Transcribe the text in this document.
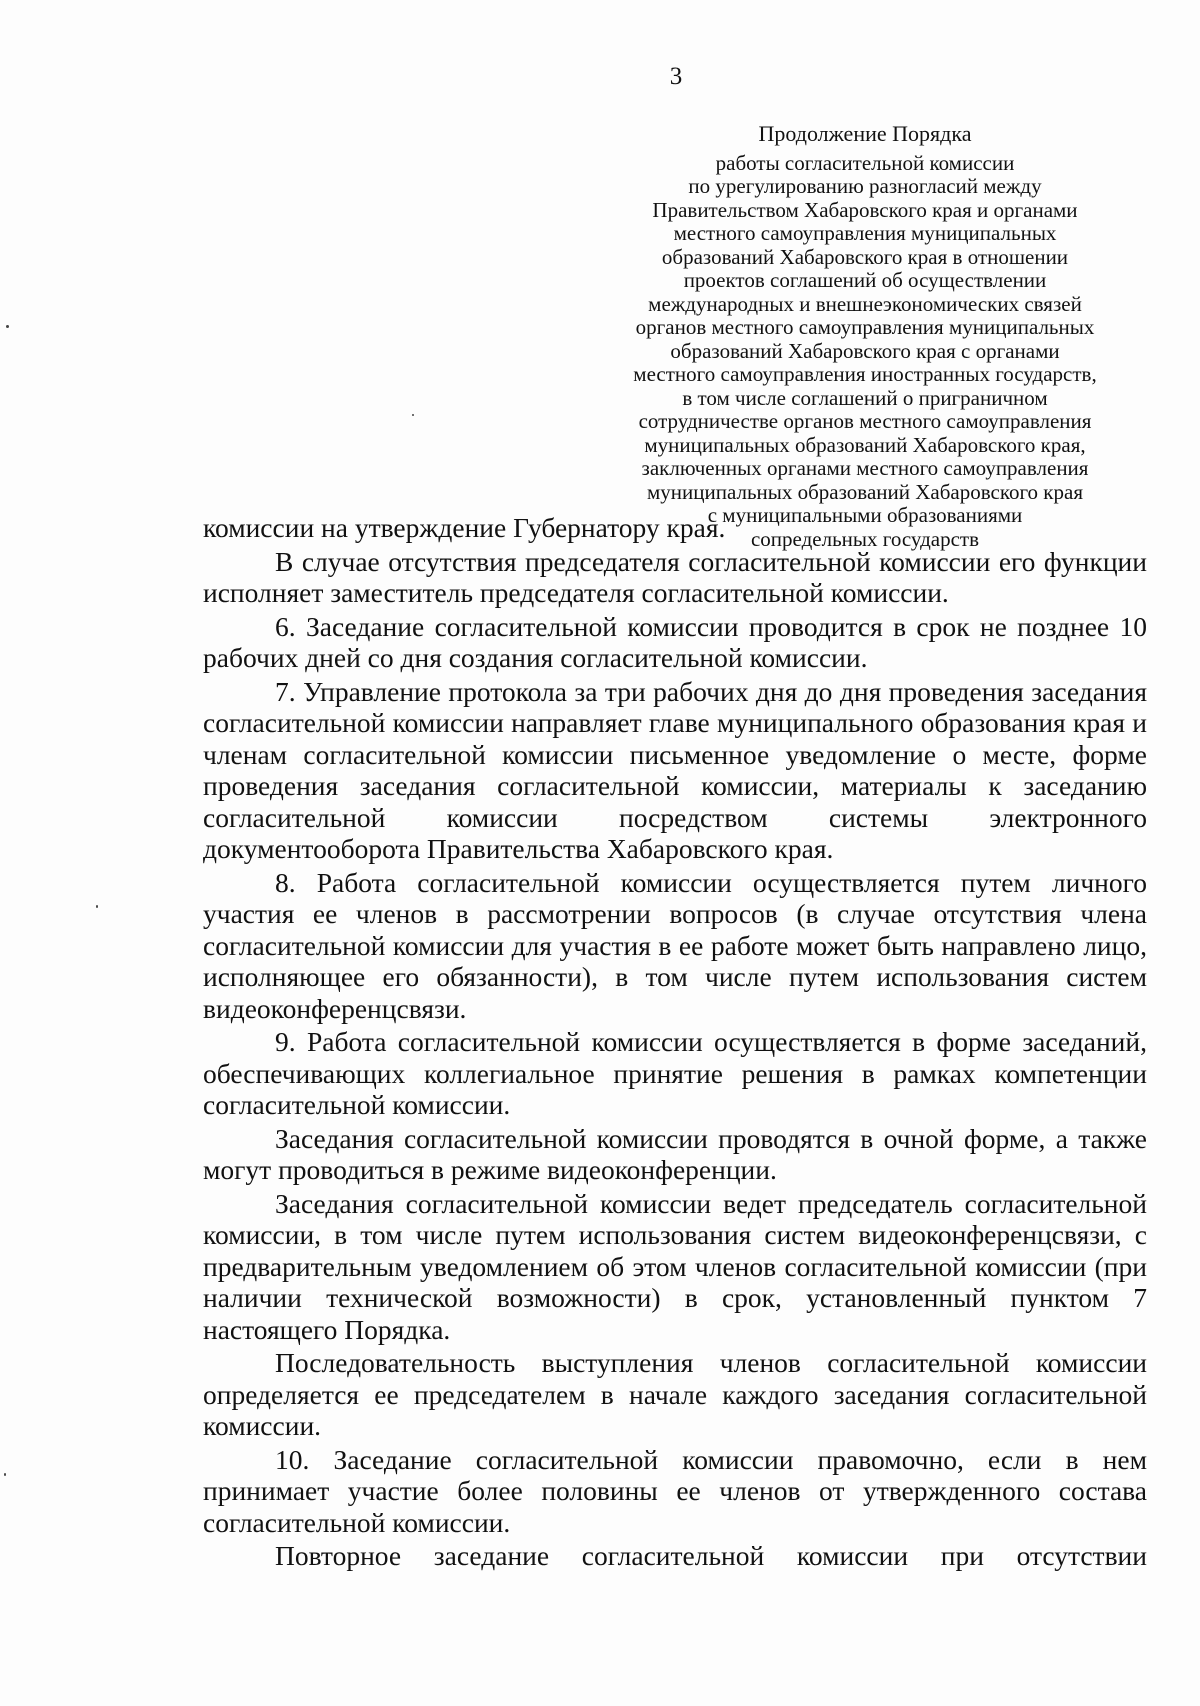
3
Продолжение Порядка
работы согласительной комиссии
по урегулированию разногласий между
Правительством Хабаровского края и органами
местного самоуправления муниципальных
образований Хабаровского края в отношении
проектов соглашений об осуществлении
международных и внешнеэкономических связей
органов местного самоуправления муниципальных
образований Хабаровского края с органами
местного самоуправления иностранных государств,
в том числе соглашений о приграничном
сотрудничестве органов местного самоуправления
муниципальных образований Хабаровского края,
заключенных органами местного самоуправления
муниципальных образований Хабаровского края
с муниципальными образованиями
сопредельных государств

комиссии на утверждение Губернатору края.

В случае отсутствия председателя согласительной комиссии его функции исполняет заместитель председателя согласительной комиссии.

6. Заседание согласительной комиссии проводится в срок не позднее 10 рабочих дней со дня создания согласительной комиссии.

7. Управление протокола за три рабочих дня до дня проведения заседания согласительной комиссии направляет главе муниципального образования края и членам согласительной комиссии письменное уведомление о месте, форме проведения заседания согласительной комиссии, материалы к заседанию согласительной комиссии посредством системы электронного документооборота Правительства Хабаровского края.

8. Работа согласительной комиссии осуществляется путем личного участия ее членов в рассмотрении вопросов (в случае отсутствия члена согласительной комиссии для участия в ее работе может быть направлено лицо, исполняющее его обязанности), в том числе путем использования систем видеоконференцсвязи.

9. Работа согласительной комиссии осуществляется в форме заседаний, обеспечивающих коллегиальное принятие решения в рамках компетенции согласительной комиссии.

Заседания согласительной комиссии проводятся в очной форме, а также могут проводиться в режиме видеоконференции.

Заседания согласительной комиссии ведет председатель согласительной комиссии, в том числе путем использования систем видеоконференцсвязи, с предварительным уведомлением об этом членов согласительной комиссии (при наличии технической возможности) в срок, установленный пунктом 7 настоящего Порядка.

Последовательность выступления членов согласительной комиссии определяется ее председателем в начале каждого заседания согласительной комиссии.

10. Заседание согласительной комиссии правомочно, если в нем принимает участие более половины ее членов от утвержденного состава согласительной комиссии.

Повторное заседание согласительной комиссии при отсутствии
